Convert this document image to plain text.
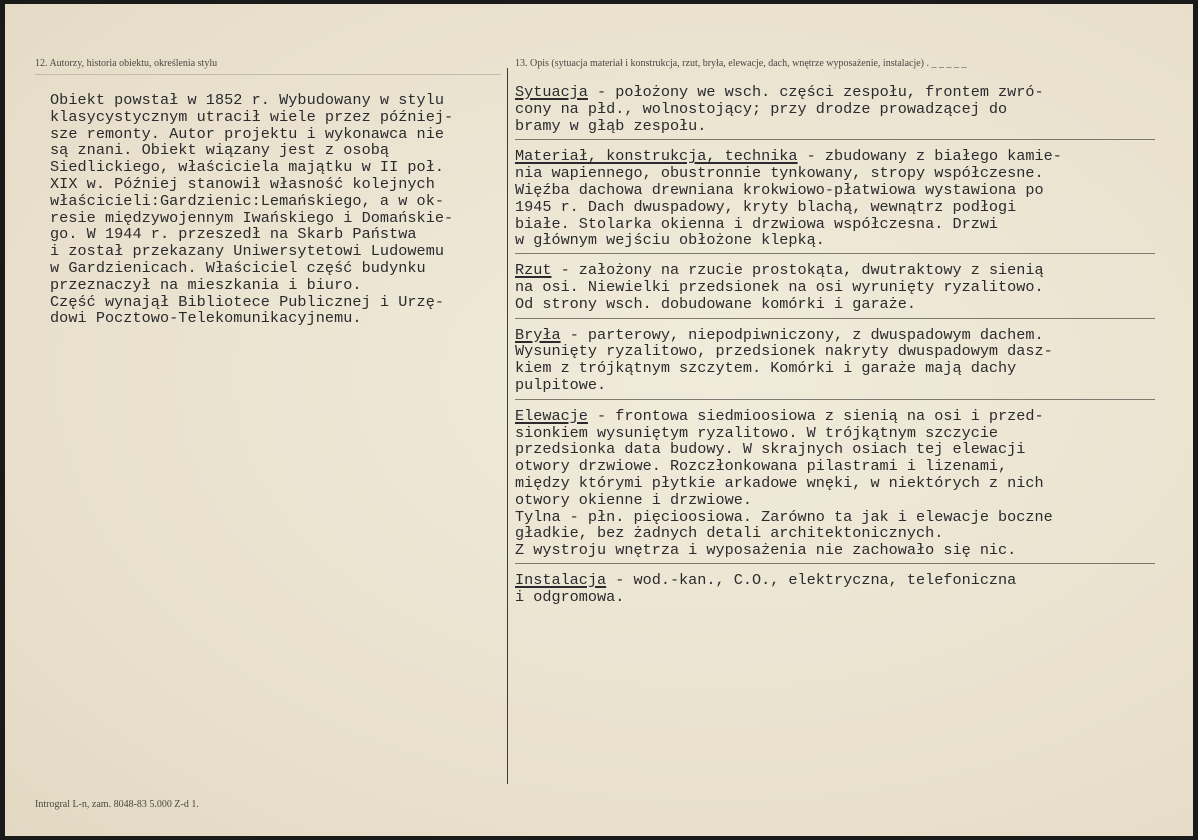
12. Autorzy, historia obiektu, określenia stylu	13. Opis (sytuacja materiał i konstrukcja, rzut, bryła, elewacje, dach, wnętrze wyposażenie, instalacje) . _ _ _ _ _
Obiekt powstał w 1852 r. Wybudowany w stylu
klasycystycznym utracił wiele przez później-
sze remonty. Autor projektu i wykonawca nie
są znani. Obiekt wiązany jest z osobą
Siedlickiego, właściciela majątku w II poł.
XIX w. Później stanowił własność kolejnych
właścicieli:Gardzienic:Lemańskiego, a w ok-
resie międzywojennym Iwańskiego i Domańskie-
go. W 1944 r. przeszedł na Skarb Państwa
i został przekazany Uniwersytetowi Ludowemu
w Gardzienicach. Właściciel część budynku
przeznaczył na mieszkania i biuro.
Część wynajął Bibliotece Publicznej i Urzę-
dowi Pocztowo-Telekomunikacyjnemu.
Sytuacja - położony we wsch. części zespołu, frontem zwró-
cony na płd., wolnostojący; przy drodze prowadzącej do
bramy w głąb zespołu.
Materiał, konstrukcja, technika - zbudowany z białego kamie-
nia wapiennego, obustronnie tynkowany, stropy współczesne.
Więźba dachowa drewniana krokwiowo-płatwiowa wystawiona po
1945 r. Dach dwuspadowy, kryty blachą, wewnątrz podłogi
białe. Stolarka okienna i drzwiowa współczesna. Drzwi
w głównym wejściu obłożone klepką.
Rzut - założony na rzucie prostokąta, dwutraktowy z sienią
na osi. Niewielki przedsionek na osi wyrunięty ryzalitowo.
Od strony wsch. dobudowane komórki i garaże.
Bryła - parterowy, niepodpiwniczony, z dwuspadowym dachem.
Wysunięty ryzalitowo, przedsionek nakryty dwuspadowym dasz-
kiem z trójkątnym szczytem. Komórki i garaże mają dachy
pulpitowe.
Elewacje - frontowa siedmioosiowa z sienią na osi i przed-
sionkiem wysuniętym ryzalitowo. W trójkątnym szczycie
przedsionka data budowy. W skrajnych osiach tej elewacji
otwory drzwiowe. Rozczłonkowana pilastrami i lizenami,
między którymi płytkie arkadowe wnęki, w niektórych z nich
otwory okienne i drzwiowe.
Tylna - płn. pięcioosiowa. Zarówno ta jak i elewacje boczne
gładkie, bez żadnych detali architektonicznych.
Z wystroju wnętrza i wyposażenia nie zachowało się nic.
Instalacja - wod.-kan., C.O., elektryczna, telefoniczna
i odgromowa.
Introgral L-n, zam. 8048-83 5.000 Z-d 1.
